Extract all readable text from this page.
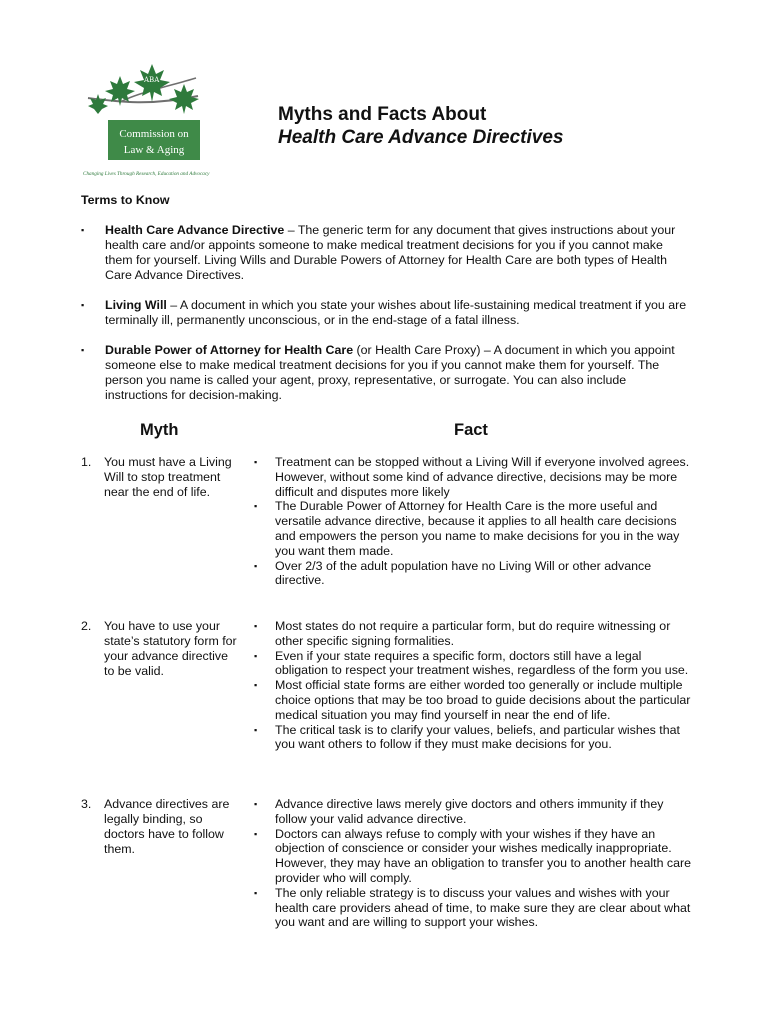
ABA
Commission on
Law & Aging
Changing Lives Through Research, Education and Advocacy
Myths and Facts About
Health Care Advance Directives
Terms to Know
▪ Health Care Advance Directive – The generic term for any document that gives instructions about your health care and/or appoints someone to make medical treatment decisions for you if you cannot make them for yourself. Living Wills and Durable Powers of Attorney for Health Care are both types of Health Care Advance Directives.
▪ Living Will – A document in which you state your wishes about life-sustaining medical treatment if you are terminally ill, permanently unconscious, or in the end-stage of a fatal illness.
▪ Durable Power of Attorney for Health Care (or Health Care Proxy) – A document in which you appoint someone else to make medical treatment decisions for you if you cannot make them for yourself. The person you name is called your agent, proxy, representative, or surrogate. You can also include instructions for decision-making.
Myth	Fact
1. You must have a Living Will to stop treatment near the end of life.
▪ Treatment can be stopped without a Living Will if everyone involved agrees. However, without some kind of advance directive, decisions may be more difficult and disputes more likely
▪ The Durable Power of Attorney for Health Care is the more useful and versatile advance directive, because it applies to all health care decisions and empowers the person you name to make decisions for you in the way you want them made.
▪ Over 2/3 of the adult population have no Living Will or other advance directive.
2. You have to use your state’s statutory form for your advance directive to be valid.
▪ Most states do not require a particular form, but do require witnessing or other specific signing formalities.
▪ Even if your state requires a specific form, doctors still have a legal obligation to respect your treatment wishes, regardless of the form you use.
▪ Most official state forms are either worded too generally or include multiple choice options that may be too broad to guide decisions about the particular medical situation you may find yourself in near the end of life.
▪ The critical task is to clarify your values, beliefs, and particular wishes that you want others to follow if they must make decisions for you.
3. Advance directives are legally binding, so doctors have to follow them.
▪ Advance directive laws merely give doctors and others immunity if they follow your valid advance directive.
▪ Doctors can always refuse to comply with your wishes if they have an objection of conscience or consider your wishes medically inappropriate. However, they may have an obligation to transfer you to another health care provider who will comply.
▪ The only reliable strategy is to discuss your values and wishes with your health care providers ahead of time, to make sure they are clear about what you want and are willing to support your wishes.
